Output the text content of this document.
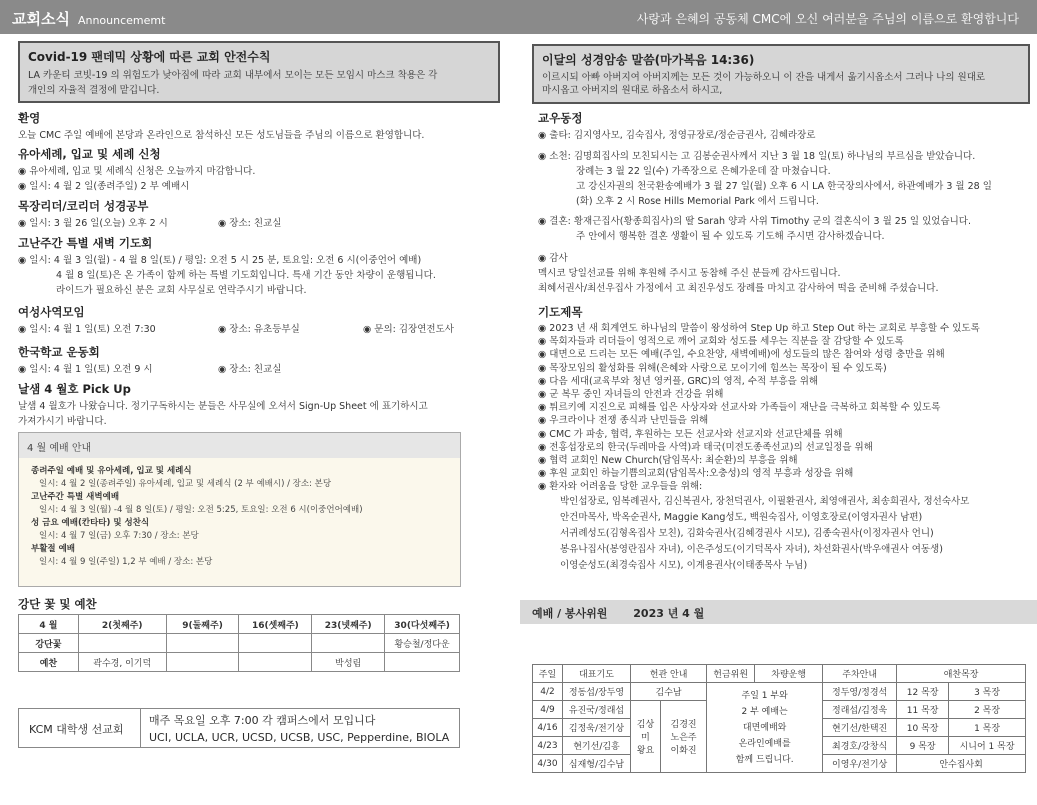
교회소식 Announcememt	사랑과 은혜의 공동체 CMC에 오신 여러분을 주님의 이름으로 환영합니다
Covid-19 팬데믹 상황에 따른 교회 안전수칙
LA 카운티 코빗-19 의 위험도가 낮아짐에 따라 교회 내부에서 모이는 모든 모임시 마스크 착용은 각
개인의 자율적 결정에 맡깁니다.
환영

오늘 CMC 주일 예배에 본당과 온라인으로 참석하신 모든 성도님들을 주님의 이름으로 환영합니다.

유아세례, 입교 및 세례 신청

◉ 유아세례, 입교 및 세례식 신청은 오늘까지 마감합니다.

◉ 일시: 4 월 2 일(종려주일) 2 부 예배시

목장리더/코리더 성경공부

◉ 일시: 3 월 26 일(오늘) 오후 2 시	◉ 장소: 친교실

고난주간 특별 새벽 기도회

◉ 일시: 4 월 3 일(월) - 4 월 8 일(토) / 평일: 오전 5 시 25 분, 토요일: 오전 6 시(이중언어 예배)

4 월 8 일(토)은 온 가족이 함께 하는 특별 기도회입니다. 특새 기간 동안 차량이 운행됩니다.

라이드가 필요하신 분은 교회 사무실로 연락주시기 바랍니다.

여성사역모임

◉ 일시: 4 월 1 일(토) 오전 7:30	◉ 장소: 유초등부실	◉ 문의: 김장연전도사

한국학교 운동회

◉ 일시: 4 월 1 일(토) 오전 9 시	◉ 장소: 친교실

날샘 4 월호 Pick Up

날샘 4 월호가 나왔습니다. 정기구독하시는 분들은 사무실에 오셔서 Sign-Up Sheet 에 표기하시고

가져가시기 바랍니다.

4 월 예배 안내
종려주일 예배 및 유아세례, 입교 및 세례식
일시: 4 월 2 일(종려주일) 유아세례, 입교 및 세례식 (2 부 예배시) / 장소: 본당
고난주간 특별 새벽예배
일시: 4 월 3 일(월) -4 월 8 일(토) / 평일: 오전 5:25, 토요일: 오전 6 시(이중언어예배)
성 금요 예배(칸타타) 및 성찬식
일시: 4 월 7 일(금) 오후 7:30 / 장소: 본당
부활절 예배
일시: 4 월 9 일(주일) 1,2 부 예배 / 장소: 본당
강단 꽃 및 예찬
4 월	2(첫째주)	9(둘째주)	16(셋째주)	23(넷째주)	30(다섯째주)
강단꽃					황승철/정다운
예찬	곽수경, 이기덕			박성림	
KCM 대학생 선교회
매주 목요일 오후 7:00 각 캠퍼스에서 모입니다
UCI, UCLA, UCR, UCSD, UCSB, USC, Pepperdine, BIOLA
이달의 성경암송 말씀(마가복음 14:36)
이르시되 아빠 아버지여 아버지께는 모든 것이 가능하오니 이 잔을 내게서 옮기시옵소서 그러나 나의 원대로
마시옵고 아버지의 원대로 하옵소서 하시고,
교우동정

◉ 출타: 김지영사모, 김숙집사, 정영규장로/정순금권사, 김혜라장로

◉ 소천: 김명희집사의 모친되시는 고 김봉순권사께서 지난 3 월 18 일(토) 하나님의 부르심을 받았습니다.

장례는 3 월 22 일(수) 가족장으로 은혜가운데 잘 마쳤습니다.

고 강신자권의 천국환송예배가 3 월 27 일(월) 오후 6 시 LA 한국장의사에서, 하관예배가 3 월 28 일

(화) 오후 2 시 Rose Hills Memorial Park 에서 드립니다.

◉ 결혼: 황재근집사(황종희집사)의 딸 Sarah 양과 사위 Timothy 군의 결혼식이 3 월 25 일 있었습니다.

주 안에서 행복한 결혼 생활이 될 수 있도록 기도해 주시면 감사하겠습니다.

◉ 감사

멕시코 당일선교를 위해 후원해 주시고 동참해 주신 분들께 감사드립니다.

최혜서권사/최선우집사 가정에서 고 최진우성도 장례를 마치고 감사하여 떡을 준비해 주셨습니다.

기도제목
◉ 2023 년 새 회계연도 하나님의 말씀이 왕성하여 Step Up 하고 Step Out 하는 교회로 부흥할 수 있도록
◉ 목회자들과 리더들이 영적으로 깨어 교회와 성도를 세우는 직분을 잘 감당할 수 있도록
◉ 대면으로 드리는 모든 예배(주일, 수요찬양, 새벽예배)에 성도들의 많은 참여와 성령 충만을 위해
◉ 목장모임의 활성화를 위해(은혜와 사랑으로 모이기에 힘쓰는 목장이 될 수 있도록)
◉ 다음 세대(교육부와 청년 영커플, GRC)의 영적, 수적 부흥을 위해
◉ 군 복무 중인 자녀들의 안전과 건강을 위해
◉ 튀르키예 지진으로 피해를 입은 사상자와 선교사와 가족들이 재난을 극복하고 회복할 수 있도록
◉ 우크라이나 전쟁 종식과 난민들을 위해
◉ CMC 가 파송, 협력, 후원하는 모든 선교사와 선교지와 선교단체를 위해
◉ 전홍섭장로의 한국(두레마을 사역)과 태국(미전도종족선교)의 선교일정을 위해
◉ 협력 교회인 New Church(담임목사: 최순환)의 부흥을 위해
◉ 후원 교회인 하늘기쁨의교회(담임목사:오충성)의 영적 부흥과 성장을 위해
◉ 환자와 어려움을 당한 교우들을 위해:
박인섭장로, 임복례권사, 김신복권사, 장천덕권사, 이필환권사, 최영애권사, 최송희권사, 정선숙사모
안건마목사, 박옥순권사, Maggie Kang성도, 백원숙집사, 이영호장로(이영자권사 남편)
서귀례성도(김형옥집사 모친), 김화숙권사(김혜경권사 시모), 김종숙권사(이정자권사 언니)
봉유나집사(봉영란집사 자녀), 이은주성도(이기덕목사 자녀), 차선화권사(박우애권사 여동생)
이영순성도(최경숙집사 시모), 이계용권사(이태종목사 누님)
예배 / 봉사위원 2023 년 4 월
주일	대표기도	헌관 안내		헌금위원	차량운행	주차안내	애찬목장	
4/2	정동섭/장두영	김수남		주일 1 부와
2 부 예배는
대면예배와
온라인예배를
함께 드립니다.		정두영/정경석	12 목장	3 목장
4/9	유진국/정래섭	김상미
왕요	김경진
노은주
이화진			정래섭/김정욱	11 목장	2 목장
4/16	김정욱/전기상					현기선/한택진	10 목장	1 목장
4/23	현기선/김흥					최경호/강창식	9 목장	시니어 1 목장
4/30	심재형/김수남					이영우/전기상	안수집사회	
